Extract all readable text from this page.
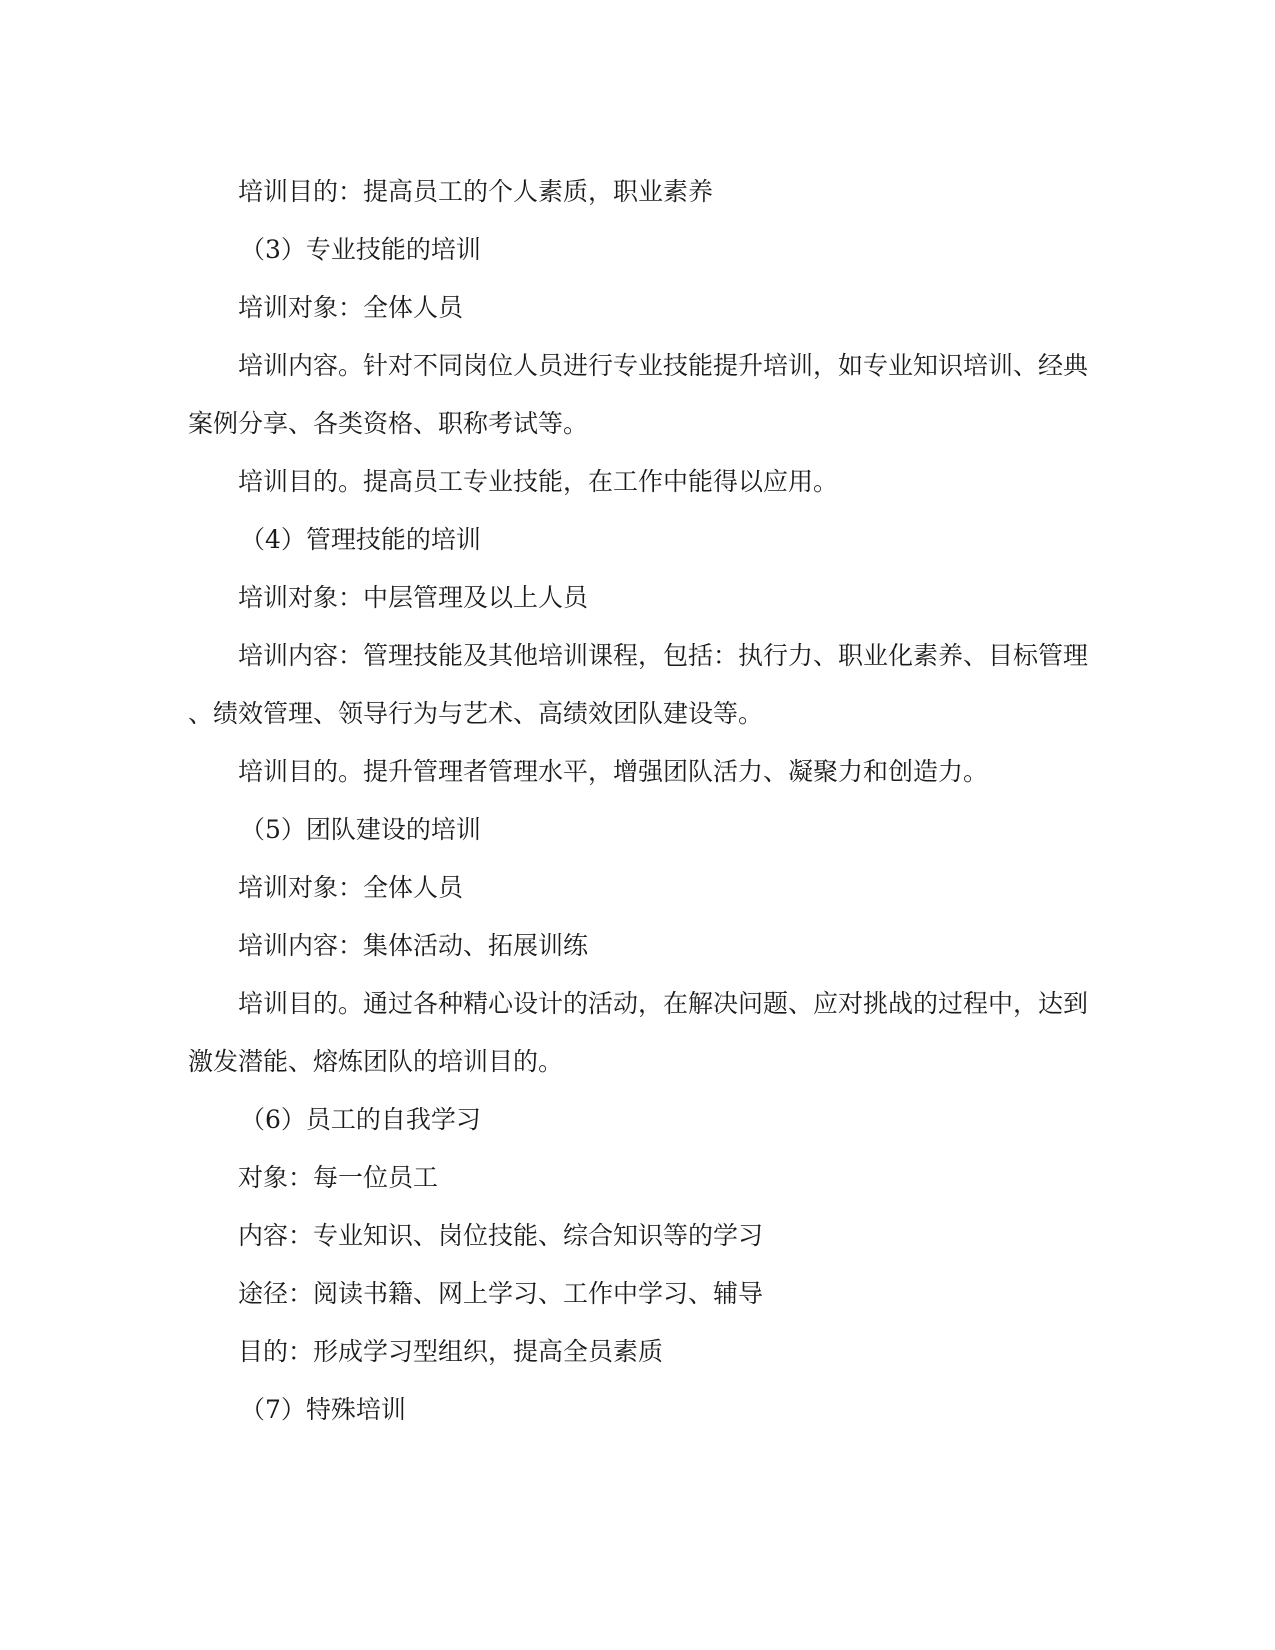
培训目的：提高员工的个人素质，职业素养
（3）专业技能的培训
培训对象：全体人员
培训内容。针对不同岗位人员进行专业技能提升培训，如专业知识培训、经典
案例分享、各类资格、职称考试等。
培训目的。提高员工专业技能，在工作中能得以应用。
（4）管理技能的培训
培训对象：中层管理及以上人员
培训内容：管理技能及其他培训课程，包括：执行力、职业化素养、目标管理
、绩效管理、领导行为与艺术、高绩效团队建设等。
培训目的。提升管理者管理水平，增强团队活力、凝聚力和创造力。
（5）团队建设的培训
培训对象：全体人员
培训内容：集体活动、拓展训练
培训目的。通过各种精心设计的活动，在解决问题、应对挑战的过程中，达到
激发潜能、熔炼团队的培训目的。
（6）员工的自我学习
对象：每一位员工
内容：专业知识、岗位技能、综合知识等的学习
途径：阅读书籍、网上学习、工作中学习、辅导
目的：形成学习型组织，提高全员素质
（7）特殊培训
